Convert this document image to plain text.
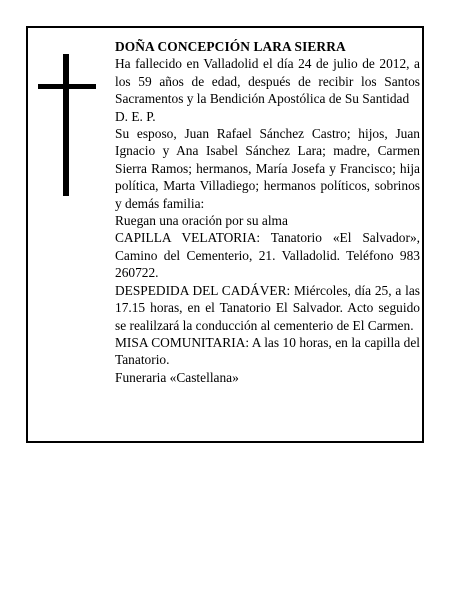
DOÑA CONCEPCIÓN LARA SIERRA

Ha fallecido en Valladolid el día 24 de julio de 2012, a los 59 años de edad, después de recibir los Santos Sacramentos y la Bendición Apostólica de Su Santidad

D. E. P.

Su esposo, Juan Rafael Sánchez Castro; hijos, Juan Ignacio y Ana Isabel Sánchez Lara; madre, Carmen Sierra Ramos; hermanos, María Josefa y Francisco; hija política, Marta Villadiego; hermanos políticos, sobrinos y demás familia:

Ruegan una oración por su alma

CAPILLA VELATORIA: Tanatorio «El Salvador», Camino del Cementerio, 21. Valladolid. Teléfono 983 260722.

DESPEDIDA DEL CADÁVER: Miércoles, día 25, a las 17.15 horas, en el Tanatorio El Salvador. Acto seguido se realilzará la conducción al cementerio de El Carmen.

MISA COMUNITARIA: A las 10 horas, en la capilla del Tanatorio.

Funeraria «Castellana»
